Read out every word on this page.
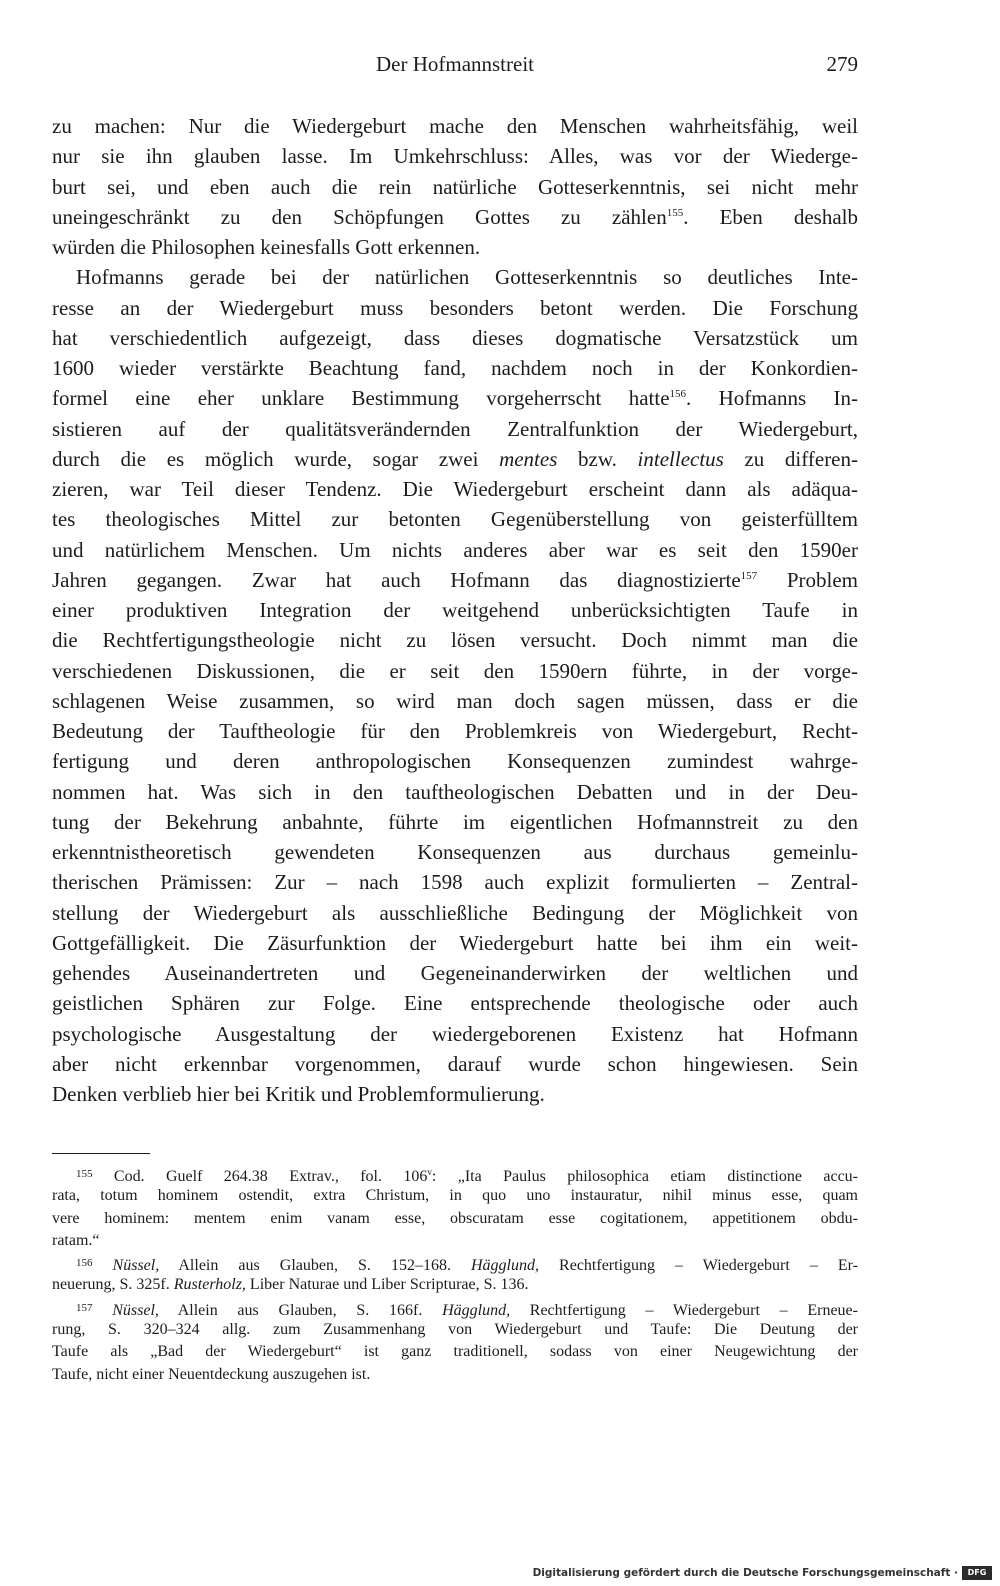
Der Hofmannstreit	279
zu machen: Nur die Wiedergeburt mache den Menschen wahrheitsfähig, weil
nur sie ihn glauben lasse. Im Umkehrschluss: Alles, was vor der Wiederge-
burt sei, und eben auch die rein natürliche Gotteserkenntnis, sei nicht mehr
uneingeschränkt zu den Schöpfungen Gottes zu zählen$^{155}$. Eben deshalb
würden die Philosophen keinesfalls Gott erkennen.
Hofmanns gerade bei der natürlichen Gotteserkenntnis so deutliches Inte-
resse an der Wiedergeburt muss besonders betont werden. Die Forschung
hat verschiedentlich aufgezeigt, dass dieses dogmatische Versatzstück um
1600 wieder verstärkte Beachtung fand, nachdem noch in der Konkordien-
formel eine eher unklare Bestimmung vorgeherrscht hatte$^{156}$. Hofmanns In-
sistieren auf der qualitätsverändernden Zentralfunktion der Wiedergeburt,
durch die es möglich wurde, sogar zwei mentes bzw. intellectus zu differen-
zieren, war Teil dieser Tendenz. Die Wiedergeburt erscheint dann als adäqua-
tes theologisches Mittel zur betonten Gegenüberstellung von geisterfülltem
und natürlichem Menschen. Um nichts anderes aber war es seit den 1590er
Jahren gegangen. Zwar hat auch Hofmann das diagnostizierte$^{157}$ Problem
einer produktiven Integration der weitgehend unberücksichtigten Taufe in
die Rechtfertigungstheologie nicht zu lösen versucht. Doch nimmt man die
verschiedenen Diskussionen, die er seit den 1590ern führte, in der vorge-
schlagenen Weise zusammen, so wird man doch sagen müssen, dass er die
Bedeutung der Tauftheologie für den Problemkreis von Wiedergeburt, Recht-
fertigung und deren anthropologischen Konsequenzen zumindest wahrge-
nommen hat. Was sich in den tauftheologischen Debatten und in der Deu-
tung der Bekehrung anbahnte, führte im eigentlichen Hofmannstreit zu den
erkenntnistheoretisch gewendeten Konsequenzen aus durchaus gemeinlu-
therischen Prämissen: Zur – nach 1598 auch explizit formulierten – Zentral-
stellung der Wiedergeburt als ausschließliche Bedingung der Möglichkeit von
Gottgefälligkeit. Die Zäsurfunktion der Wiedergeburt hatte bei ihm ein weit-
gehendes Auseinandertreten und Gegeneinanderwirken der weltlichen und
geistlichen Sphären zur Folge. Eine entsprechende theologische oder auch
psychologische Ausgestaltung der wiedergeborenen Existenz hat Hofmann
aber nicht erkennbar vorgenommen, darauf wurde schon hingewiesen. Sein
Denken verblieb hier bei Kritik und Problemformulierung.
$^{155}$ Cod. Guelf 264.38 Extrav., fol. 106$^v$: „Ita Paulus philosophica etiam distinctione accu-
rata, totum hominem ostendit, extra Christum, in quo uno instauratur, nihil minus esse, quam
vere hominem: mentem enim vanam esse, obscuratam esse cogitationem, appetitionem obdu-
ratam.“
$^{156}$ Nüssel, Allein aus Glauben, S. 152–168. Hägglund, Rechtfertigung – Wiedergeburt – Er-
neuerung, S. 325f. Rusterholz, Liber Naturae und Liber Scripturae, S. 136.
$^{157}$ Nüssel, Allein aus Glauben, S. 166f. Hägglund, Rechtfertigung – Wiedergeburt – Erneue-
rung, S. 320–324 allg. zum Zusammenhang von Wiedergeburt und Taufe: Die Deutung der
Taufe als „Bad der Wiedergeburt“ ist ganz traditionell, sodass von einer Neugewichtung der
Taufe, nicht einer Neuentdeckung auszugehen ist.
Digitalisierung gefördert durch die Deutsche Forschungsgemeinschaft ·	DFG
